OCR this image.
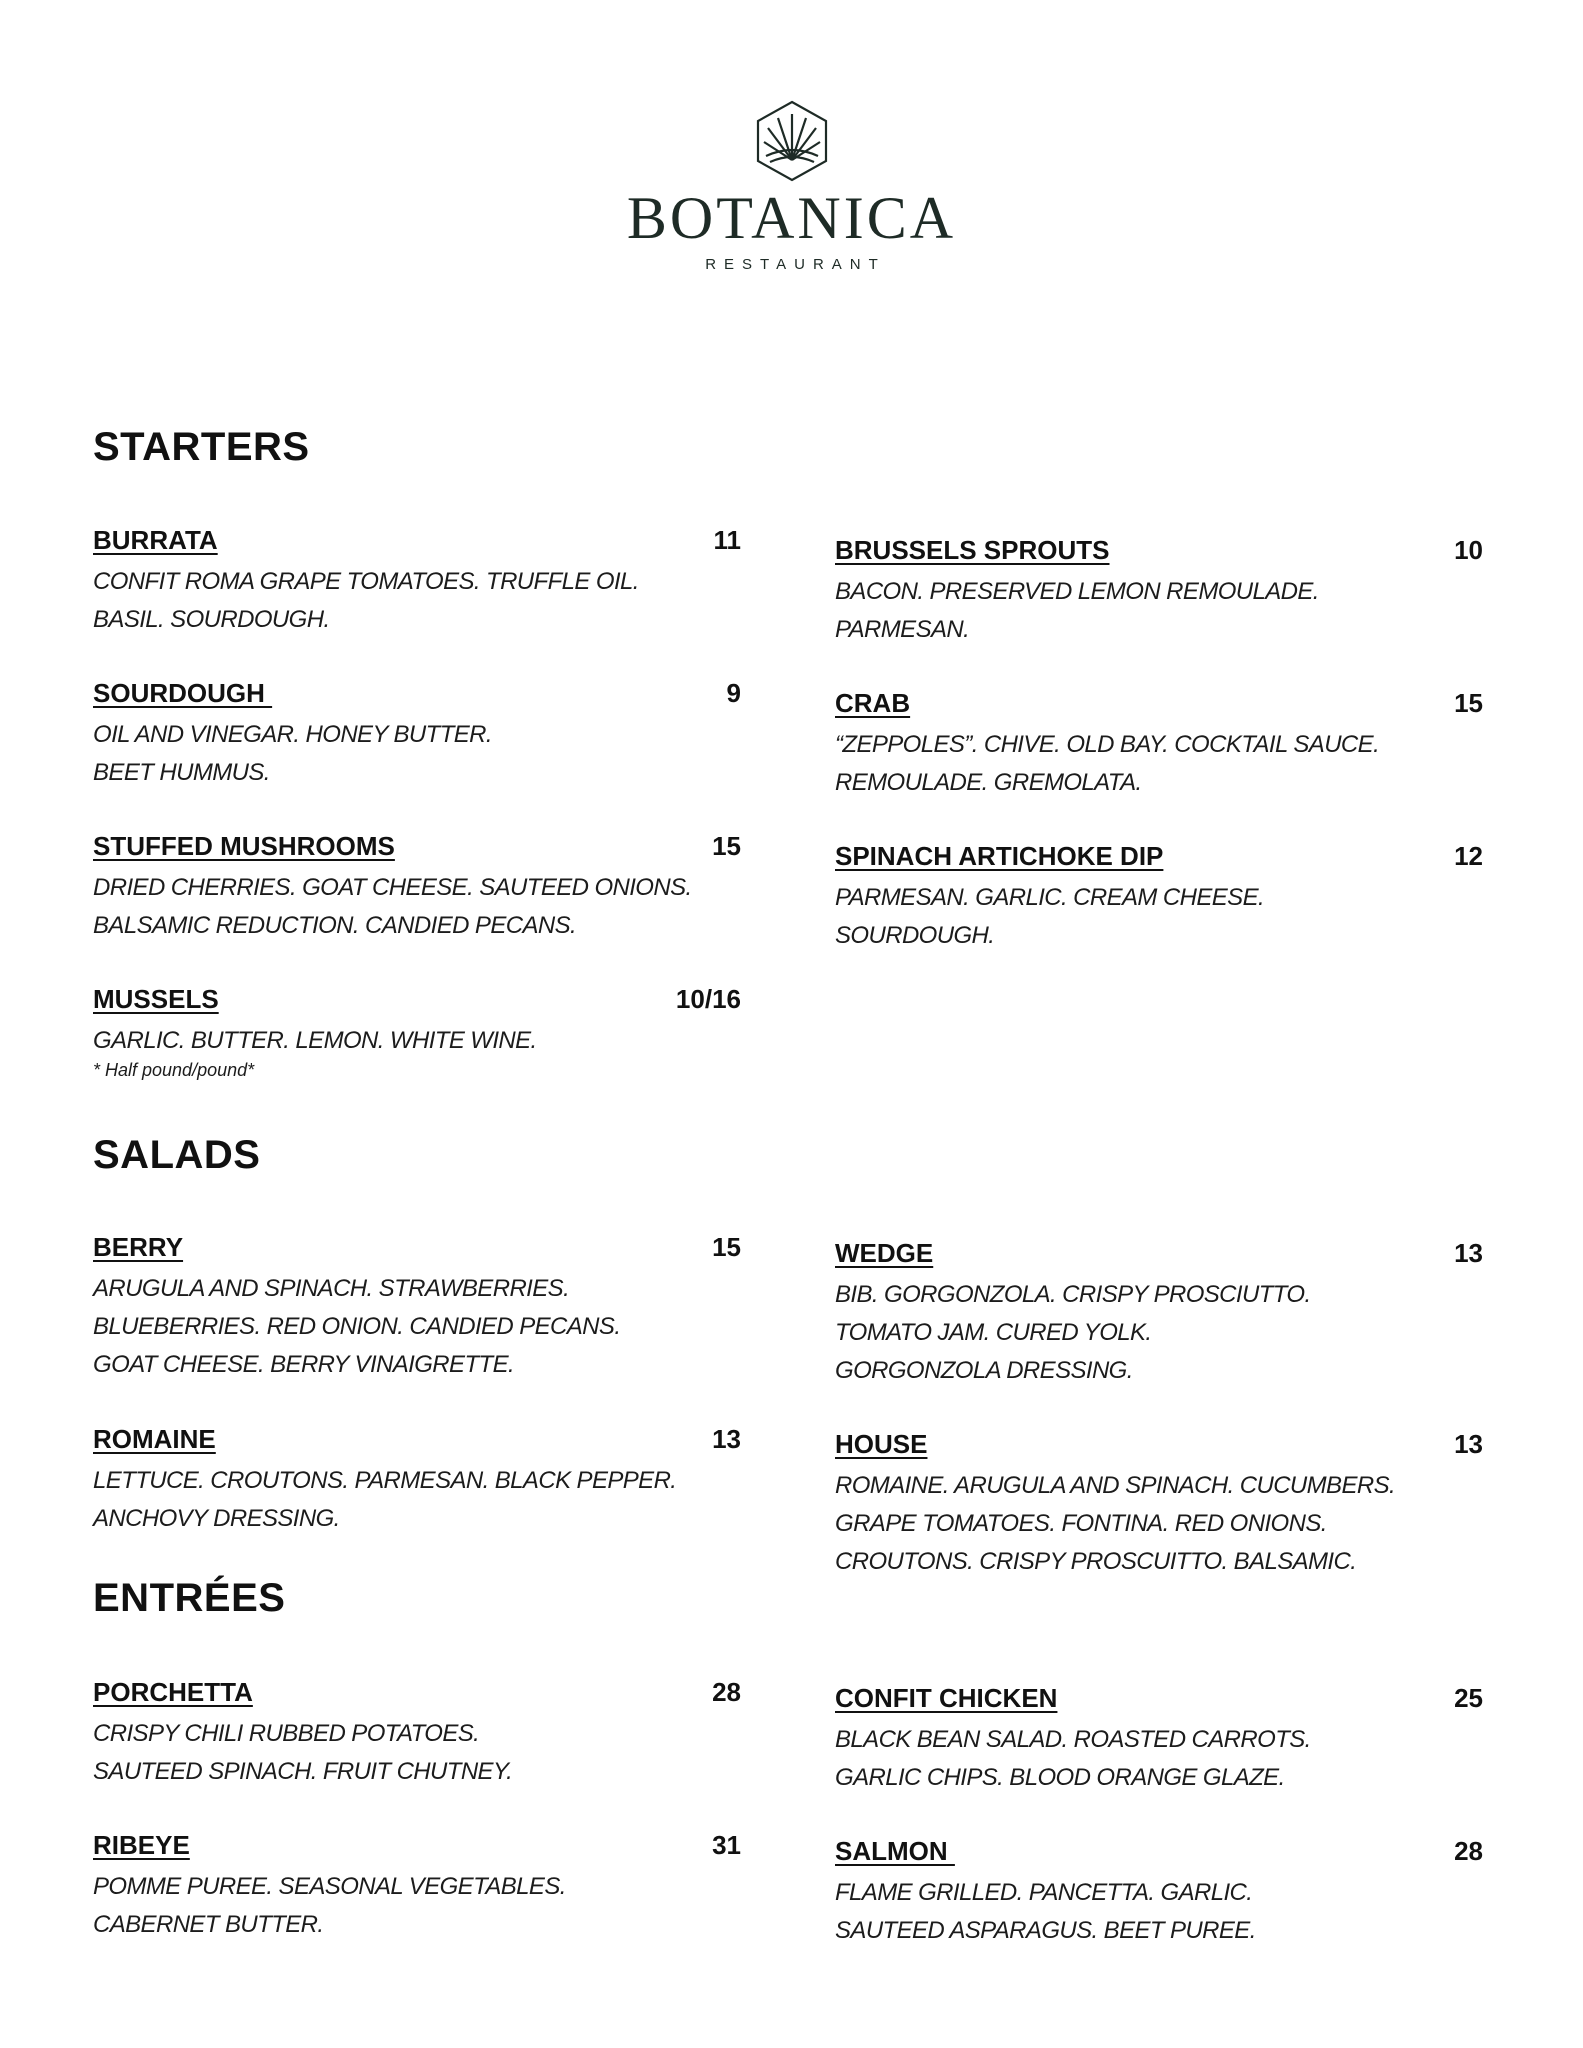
BOTANICA
RESTAURANT
STARTERS
BURRATA	11
CONFIT ROMA GRAPE TOMATOES. TRUFFLE OIL.
BASIL. SOURDOUGH.
SOURDOUGH	9
OIL AND VINEGAR. HONEY BUTTER.
BEET HUMMUS.
STUFFED MUSHROOMS	15
DRIED CHERRIES. GOAT CHEESE. SAUTEED ONIONS.
BALSAMIC REDUCTION. CANDIED PECANS.
MUSSELS	10/16
GARLIC. BUTTER. LEMON. WHITE WINE.
* Half pound/pound*
BRUSSELS SPROUTS	10
BACON. PRESERVED LEMON REMOULADE.
PARMESAN.
CRAB	15
“ZEPPOLES”. CHIVE. OLD BAY. COCKTAIL SAUCE.
REMOULADE. GREMOLATA.
SPINACH ARTICHOKE DIP	12
PARMESAN. GARLIC. CREAM CHEESE.
SOURDOUGH.
SALADS
BERRY	15
ARUGULA AND SPINACH. STRAWBERRIES.
BLUEBERRIES. RED ONION. CANDIED PECANS.
GOAT CHEESE. BERRY VINAIGRETTE.
ROMAINE	13
LETTUCE. CROUTONS. PARMESAN. BLACK PEPPER.
ANCHOVY DRESSING.
WEDGE	13
BIB. GORGONZOLA. CRISPY PROSCIUTTO.
TOMATO JAM. CURED YOLK.
GORGONZOLA DRESSING.
HOUSE	13
ROMAINE. ARUGULA AND SPINACH. CUCUMBERS.
GRAPE TOMATOES. FONTINA. RED ONIONS.
CROUTONS. CRISPY PROSCUITTO. BALSAMIC.
ENTRÉES
PORCHETTA	28
CRISPY CHILI RUBBED POTATOES.
SAUTEED SPINACH. FRUIT CHUTNEY.
RIBEYE	31
POMME PUREE. SEASONAL VEGETABLES.
CABERNET BUTTER.
CONFIT CHICKEN	25
BLACK BEAN SALAD. ROASTED CARROTS.
GARLIC CHIPS. BLOOD ORANGE GLAZE.
SALMON	28
FLAME GRILLED. PANCETTA. GARLIC.
SAUTEED ASPARAGUS. BEET PUREE.
